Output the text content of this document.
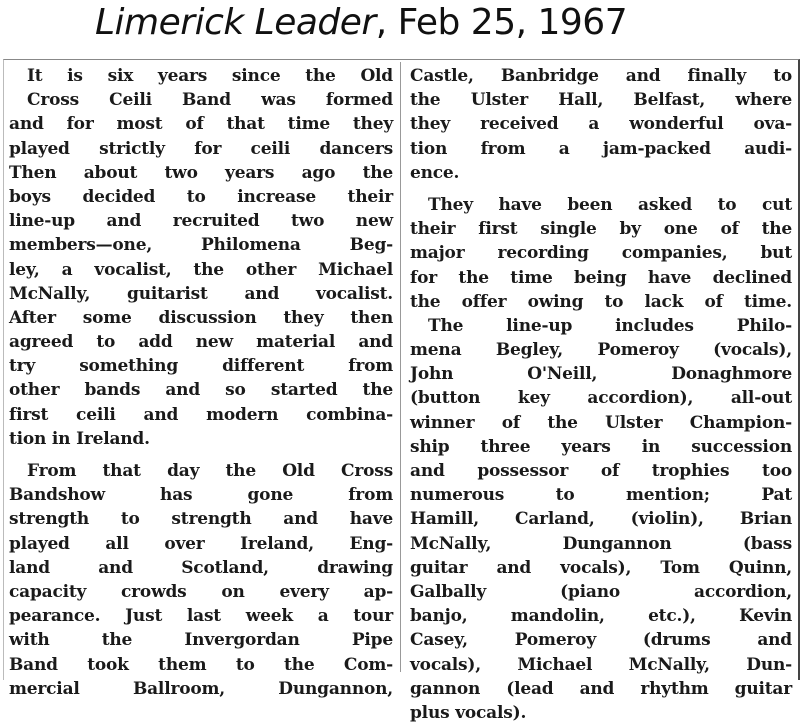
Limerick Leader, Feb 25, 1967
It is six years since the Old
Cross Ceili Band was formed
and for most of that time they
played strictly for ceili dancers
Then about two years ago the
boys decided to increase their
line-up and recruited two new
members—one, Philomena Beg-
ley, a vocalist, the other Michael
McNally, guitarist and vocalist.
After some discussion they then
agreed to add new material and
try something different from
other bands and so started the
first ceili and modern combina-
tion in Ireland.
From that day the Old Cross
Bandshow has gone from
strength to strength and have
played all over Ireland, Eng-
land and Scotland, drawing
capacity crowds on every ap-
pearance. Just last week a tour
with the Invergordan Pipe
Band took them to the Com-
mercial Ballroom, Dungannon,
Castle, Banbridge and finally to
the Ulster Hall, Belfast, where
they received a wonderful ova-
tion from a jam-packed audi-
ence.
They have been asked to cut
their first single by one of the
major recording companies, but
for the time being have declined
the offer owing to lack of time.
The line-up includes Philo-
mena Begley, Pomeroy (vocals),
John O'Neill, Donaghmore
(button key accordion), all-out
winner of the Ulster Champion-
ship three years in succession
and possessor of trophies too
numerous to mention; Pat
Hamill, Carland, (violin), Brian
McNally, Dungannon (bass
guitar and vocals), Tom Quinn,
Galbally (piano accordion,
banjo, mandolin, etc.), Kevin
Casey, Pomeroy (drums and
vocals), Michael McNally, Dun-
gannon (lead and rhythm guitar
plus vocals).
